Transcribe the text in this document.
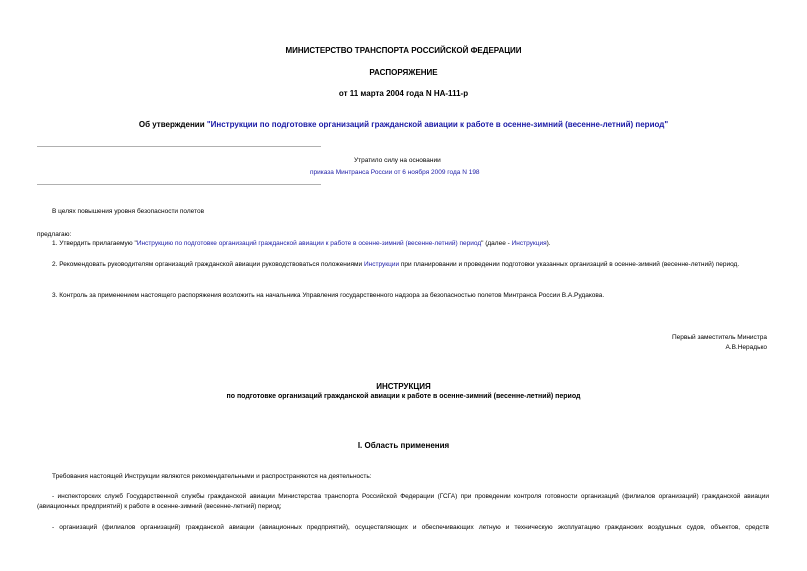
МИНИСТЕРСТВО ТРАНСПОРТА РОССИЙСКОЙ ФЕДЕРАЦИИ
РАСПОРЯЖЕНИЕ
от 11 марта 2004 года N НА-111-р
Об утверждении "Инструкции по подготовке организаций гражданской авиации к работе в осенне-зимний (весенне-летний) период"
Утратило силу на основании
приказа Минтранса России от 6 ноября 2009 года N 198
В целях повышения уровня безопасности полетов
предлагаю:
1. Утвердить прилагаемую "Инструкцию по подготовке организаций гражданской авиации к работе в осенне-зимний (весенне-летний) период" (далее - Инструкция).
2. Рекомендовать руководителям организаций гражданской авиации руководствоваться положениями Инструкции при планировании и проведении подготовки указанных организаций в осенне-зимний (весенне-летний) период.
3. Контроль за применением настоящего распоряжения возложить на начальника Управления государственного надзора за безопасностью полетов Минтранса России В.А.Рудакова.
Первый заместитель Министра
А.В.Нерадько
ИНСТРУКЦИЯ
по подготовке организаций гражданской авиации к работе в осенне-зимний (весенне-летний) период
I. Область применения
Требования настоящей Инструкции являются рекомендательными и распространяются на деятельность:
- инспекторских служб Государственной службы гражданской авиации Министерства транспорта Российской Федерации (ГСГА) при проведении контроля готовности организаций (филиалов организаций) гражданской авиации (авиационных предприятий) к работе в осенне-зимний (весенне-летний) период;
- организаций (филиалов организаций) гражданской авиации (авиационных предприятий), осуществляющих и обеспечивающих летную и техническую эксплуатацию гражданских воздушных судов, объектов, средств
